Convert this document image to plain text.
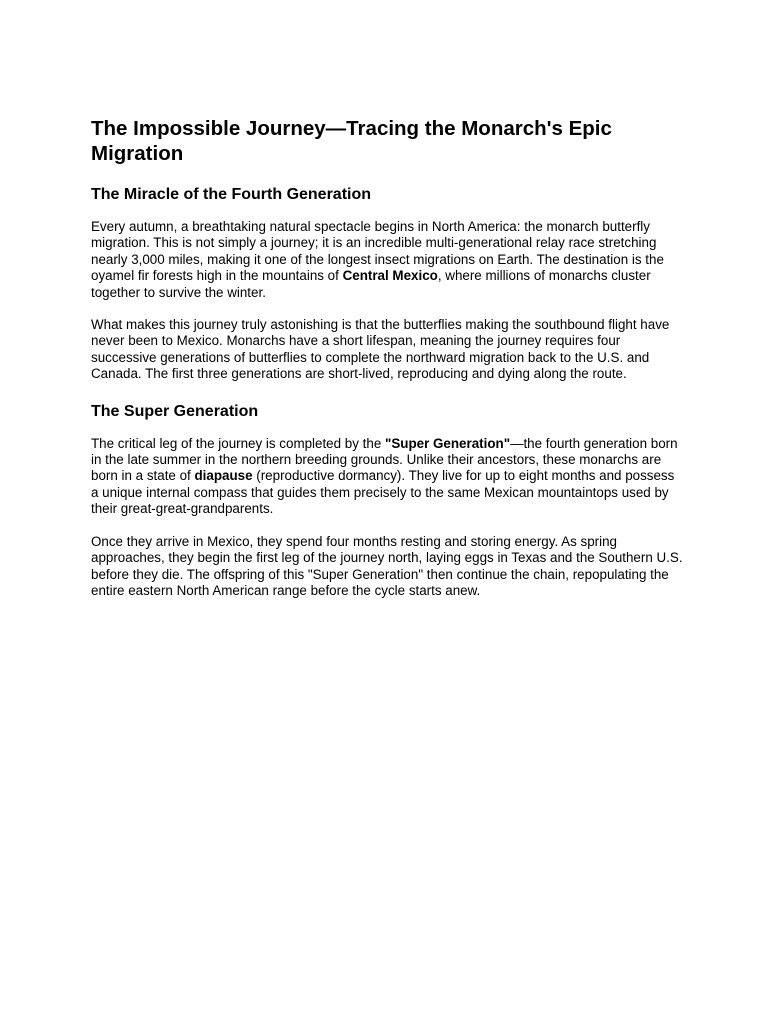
The Impossible Journey—Tracing the Monarch's Epic Migration
The Miracle of the Fourth Generation

Every autumn, a breathtaking natural spectacle begins in North America: the monarch butterfly migration. This is not simply a journey; it is an incredible multi-generational relay race stretching nearly 3,000 miles, making it one of the longest insect migrations on Earth. The destination is the oyamel fir forests high in the mountains of Central Mexico, where millions of monarchs cluster together to survive the winter.

What makes this journey truly astonishing is that the butterflies making the southbound flight have never been to Mexico. Monarchs have a short lifespan, meaning the journey requires four successive generations of butterflies to complete the northward migration back to the U.S. and Canada. The first three generations are short-lived, reproducing and dying along the route.

The Super Generation

The critical leg of the journey is completed by the "Super Generation"—the fourth generation born in the late summer in the northern breeding grounds. Unlike their ancestors, these monarchs are born in a state of diapause (reproductive dormancy). They live for up to eight months and possess a unique internal compass that guides them precisely to the same Mexican mountaintops used by their great-great-grandparents.

Once they arrive in Mexico, they spend four months resting and storing energy. As spring approaches, they begin the first leg of the journey north, laying eggs in Texas and the Southern U.S. before they die. The offspring of this "Super Generation" then continue the chain, repopulating the entire eastern North American range before the cycle starts anew.
